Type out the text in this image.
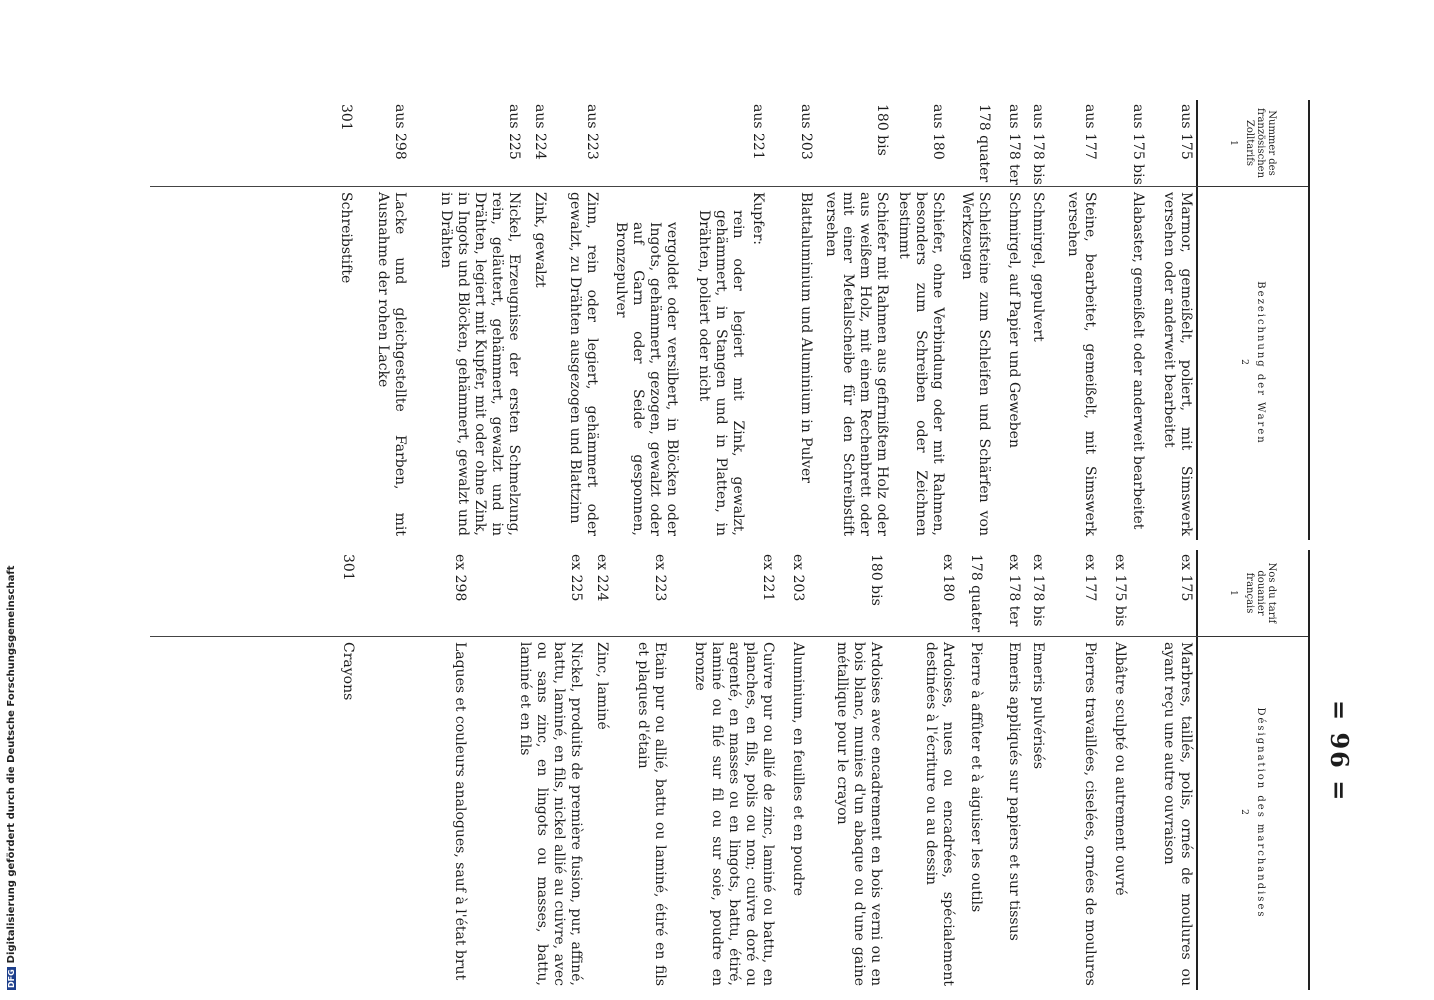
= 96 =
Nummer des französischen Zolltarifs
1
Bezeichnung der Waren
2
aus 175
Marmor, gemeißelt, poliert, mit Simswerk versehen oder anderweit bearbeitet
aus 175 bis
Alabaster, gemeißelt oder anderweit bearbeitet
aus 177
Steine, bearbeitet, gemeißelt, mit Simswerk versehen
aus 178 bis
Schmirgel, gepulvert
aus 178 ter
Schmirgel, auf Papier und Geweben
178 quater
Schleifsteine zum Schleifen und Schärfen von Werkzeugen
aus 180
Schiefer, ohne Verbindung oder mit Rahmen, besonders zum Schreiben oder Zeichnen bestimmt
180 bis
Schiefer mit Rahmen aus gefirnißtem Holz oder aus weißem Holz, mit einem Rechenbrett oder mit einer Metallscheibe für den Schreibstift versehen
aus 203
Blattaluminium und Aluminium in Pulver
aus 221
Kupfer:
rein oder legiert mit Zink, gewalzt, gehämmert, in Stangen und in Platten, in Drähten, poliert oder nicht
vergoldet oder versilbert, in Blöcken oder Ingots, gehämmert, gezogen, gewalzt oder auf Garn oder Seide gesponnen, Bronzepulver
aus 223
Zinn, rein oder legiert, gehämmert oder gewalzt, zu Drähten ausgezogen und Blattzinn
aus 224
Zink, gewalzt
aus 225
Nickel, Erzeugnisse der ersten Schmelzung, rein, geläutert, gehämmert, gewalzt und in Drähten, legiert mit Kupfer, mit oder ohne Zink, in Ingots und Blöcken, gehämmert, gewalzt und in Drähten
aus 298
Lacke und gleichgestellte Farben, mit Ausnahme der rohen Lacke
301
Schreibstifte
Nos du tarif douanier français
1
Désignation des marchandises
2
ex 175
Marbres, taillés, polis, ornés de moulures ou ayant reçu une autre ouvraison
ex 175 bis
Albâtre sculpté ou autrement ouvré
ex 177
Pierres travaillées, ciselées, ornées de moulures
ex 178 bis
Emeris pulvérisés
ex 178 ter
Emeris appliqués sur papiers et sur tissus
178 quater
Pierre à affûter et à aiguiser les outils
ex 180
Ardoises, nues ou encadrées, spécialement destinées à l'écriture ou au dessin
180 bis
Ardoises avec encadrement en bois verni ou en bois blanc, munies d'un abaque ou d'une gaine métallique pour le crayon
ex 203
Aluminium, en feuilles et en poudre
ex 221
Cuivre pur ou allié de zinc, laminé ou battu, en planches, en fils, polis ou non; cuivre doré ou argenté, en masses ou en lingots, battu, étiré, laminé ou filé sur fil ou sur soie, poudre en bronze
ex 223
Etain pur ou allié, battu ou laminé, étiré en fils et plaques d'étain
ex 224
Zinc, laminé
ex 225
Nickel, produits de première fusion, pur, affiné, battu, laminé, en fils, nickel allié au cuivre, avec ou sans zinc, en lingots ou masses, battu, laminé et en fils
ex 298
Laques et couleurs analogues, sauf à l'état brut
301
Crayons
DFGDigitalisierung gefördert durch die Deutsche Forschungsgemeinschaft
